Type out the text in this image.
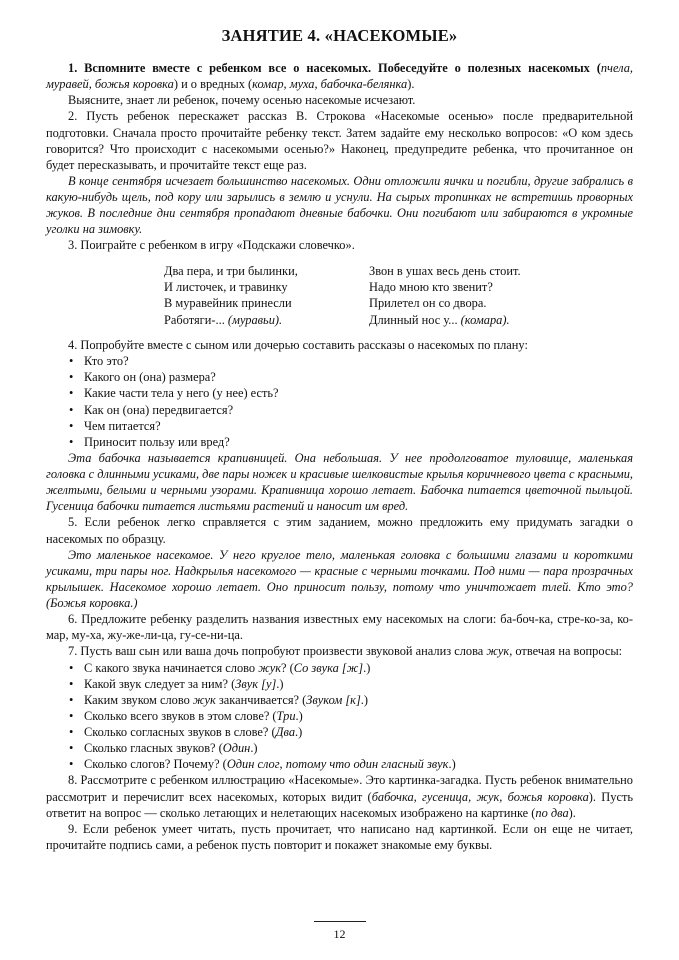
ЗАНЯТИЕ 4. «НАСЕКОМЫЕ»

1. Вспомните вместе с ребенком все о насекомых. Побеседуйте о полезных насекомых (пчела, муравей, божья коровка) и о вредных (комар, муха, бабочка-белянка).

Выясните, знает ли ребенок, почему осенью насекомые исчезают.

2. Пусть ребенок перескажет рассказ В. Строкова «Насекомые осенью» после предварительной подготовки. Сначала просто прочитайте ребенку текст. Затем задайте ему несколько вопросов: «О ком здесь говорится? Что происходит с насекомыми осенью?» Наконец, предупредите ребенка, что прочитанное он будет пересказывать, и прочитайте текст еще раз.

В конце сентября исчезает большинство насекомых. Одни отложили яички и погибли, другие забрались в какую-нибудь щель, под кору или зарылись в землю и уснули. На сырых тропинках не встретишь проворных жуков. В последние дни сентября пропадают дневные бабочки. Они погибают или забираются в укромные уголки на зимовку.

3. Поиграйте с ребенком в игру «Подскажи словечко».

Два пера, и три былинки,
И листочек, и травинку
В муравейник принесли
Работяги-... (муравьи).
Звон в ушах весь день стоит.
Надо мною кто звенит?
Прилетел он со двора.
Длинный нос у... (комара).

4. Попробуйте вместе с сыном или дочерью составить рассказы о насекомых по плану:

• Кто это?
• Какого он (она) размера?
• Какие части тела у него (у нее) есть?
• Как он (она) передвигается?
• Чем питается?
• Приносит пользу или вред?

Эта бабочка называется крапивницей. Она небольшая. У нее продолговатое туловище, маленькая головка с длинными усиками, две пары ножек и красивые шелковистые крылья коричневого цвета с красными, желтыми, белыми и черными узорами. Крапивница хорошо летает. Бабочка питается цветочной пыльцой. Гусеница бабочки питается листьями растений и наносит им вред.

5. Если ребенок легко справляется с этим заданием, можно предложить ему придумать загадки о насекомых по образцу.

Это маленькое насекомое. У него круглое тело, маленькая головка с большими глазами и короткими усиками, три пары ног. Надкрылья насекомого — красные с черными точками. Под ними — пара прозрачных крылышек. Насекомое хорошо летает. Оно приносит пользу, потому что уничтожает тлей. Кто это? (Божья коровка.)

6. Предложите ребенку разделить названия известных ему насекомых на слоги: ба-боч-ка, стре-ко-за, ко-мар, му-ха, жу-же-ли-ца, гу-се-ни-ца.

7. Пусть ваш сын или ваша дочь попробуют произвести звуковой анализ слова жук, отвечая на вопросы:

• С какого звука начинается слово жук? (Со звука [ж].)
• Какой звук следует за ним? (Звук [у].)
• Каким звуком слово жук заканчивается? (Звуком [к].)
• Сколько всего звуков в этом слове? (Три.)
• Сколько согласных звуков в слове? (Два.)
• Сколько гласных звуков? (Один.)
• Сколько слогов? Почему? (Один слог, потому что один гласный звук.)

8. Рассмотрите с ребенком иллюстрацию «Насекомые». Это картинка-загадка. Пусть ребенок внимательно рассмотрит и перечислит всех насекомых, которых видит (бабочка, гусеница, жук, божья коровка). Пусть ответит на вопрос — сколько летающих и нелетающих насекомых изображено на картинке (по два).

9. Если ребенок умеет читать, пусть прочитает, что написано над картинкой. Если он еще не читает, прочитайте подпись сами, а ребенок пусть повторит и покажет знакомые ему буквы.

12
